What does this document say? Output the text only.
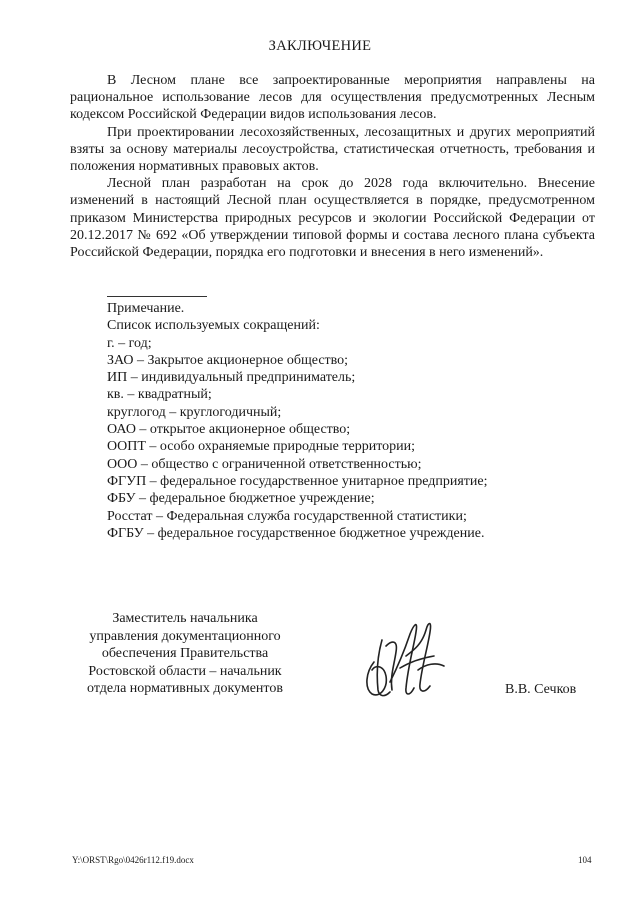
ЗАКЛЮЧЕНИЕ

В Лесном плане все запроектированные мероприятия направлены на рациональное использование лесов для осуществления предусмотренных Лесным кодексом Российской Федерации видов использования лесов.

При проектировании лесохозяйственных, лесозащитных и других мероприятий взяты за основу материалы лесоустройства, статистическая отчетность, требования и положения нормативных правовых актов.

Лесной план разработан на срок до 2028 года включительно. Внесение изменений в настоящий Лесной план осуществляется в порядке, предусмотренном приказом Министерства природных ресурсов и экологии Российской Федерации от 20.12.2017 № 692 «Об утверждении типовой формы и состава лесного плана субъекта Российской Федерации, порядка его подготовки и внесения в него изменений».

Примечание.
Список используемых сокращений:
г. – год;
ЗАО – Закрытое акционерное общество;
ИП – индивидуальный предприниматель;
кв. – квадратный;
круглогод – круглогодичный;
ОАО – открытое акционерное общество;
ООПТ – особо охраняемые природные территории;
ООО – общество с ограниченной ответственностью;
ФГУП – федеральное государственное унитарное предприятие;
ФБУ – федеральное бюджетное учреждение;
Росстат – Федеральная служба государственной статистики;
ФГБУ – федеральное государственное бюджетное учреждение.
Заместитель начальника
управления документационного
обеспечения Правительства
Ростовской области – начальник
отдела нормативных документов	В.В. Сечков
Y:\ORST\Rgo\0426r112.f19.docx	104
